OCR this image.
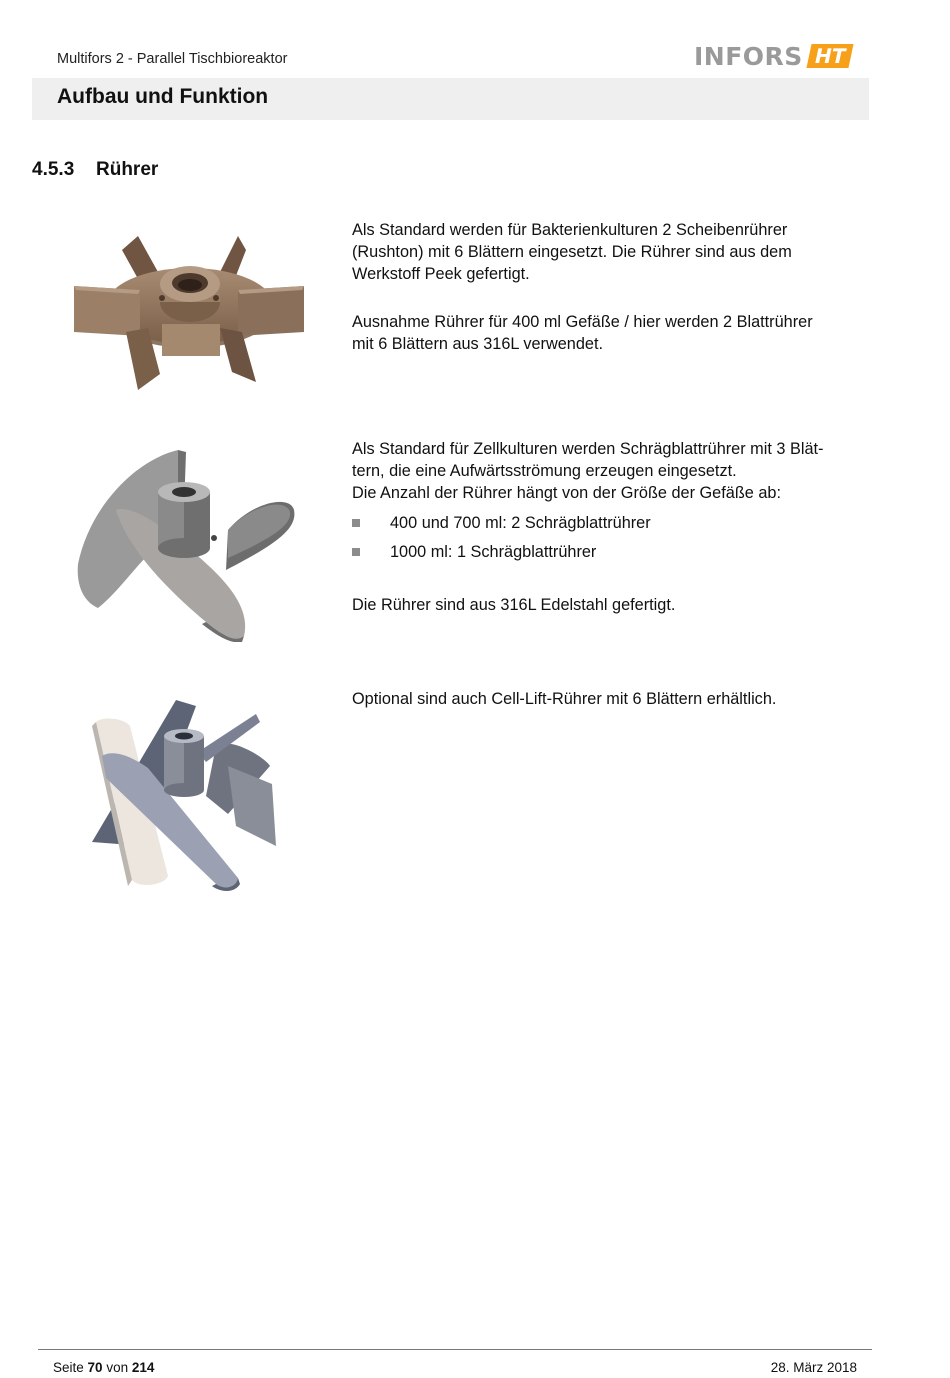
Multifors 2 - Parallel Tischbioreaktor	INFORS HT
Aufbau und Funktion
4.5.3 Rührer

Als Standard werden für Bakterienkulturen 2 Scheibenrührer
(Rushton) mit 6 Blättern eingesetzt. Die Rührer sind aus dem
Werkstoff Peek gefertigt.

Ausnahme Rührer für 400 ml Gefäße / hier werden 2 Blattrührer
mit 6 Blättern aus 316L verwendet.

Als Standard für Zellkulturen werden Schrägblattrührer mit 3 Blät-
tern, die eine Aufwärtsströmung erzeugen eingesetzt.
Die Anzahl der Rührer hängt von der Größe der Gefäße ab:

400 und 700 ml: 2 Schrägblattrührer
1000 ml: 1 Schrägblattrührer

Die Rührer sind aus 316L Edelstahl gefertigt.

Optional sind auch Cell-Lift-Rührer mit 6 Blättern erhältlich.

Seite 70 von 214	28. März 2018
